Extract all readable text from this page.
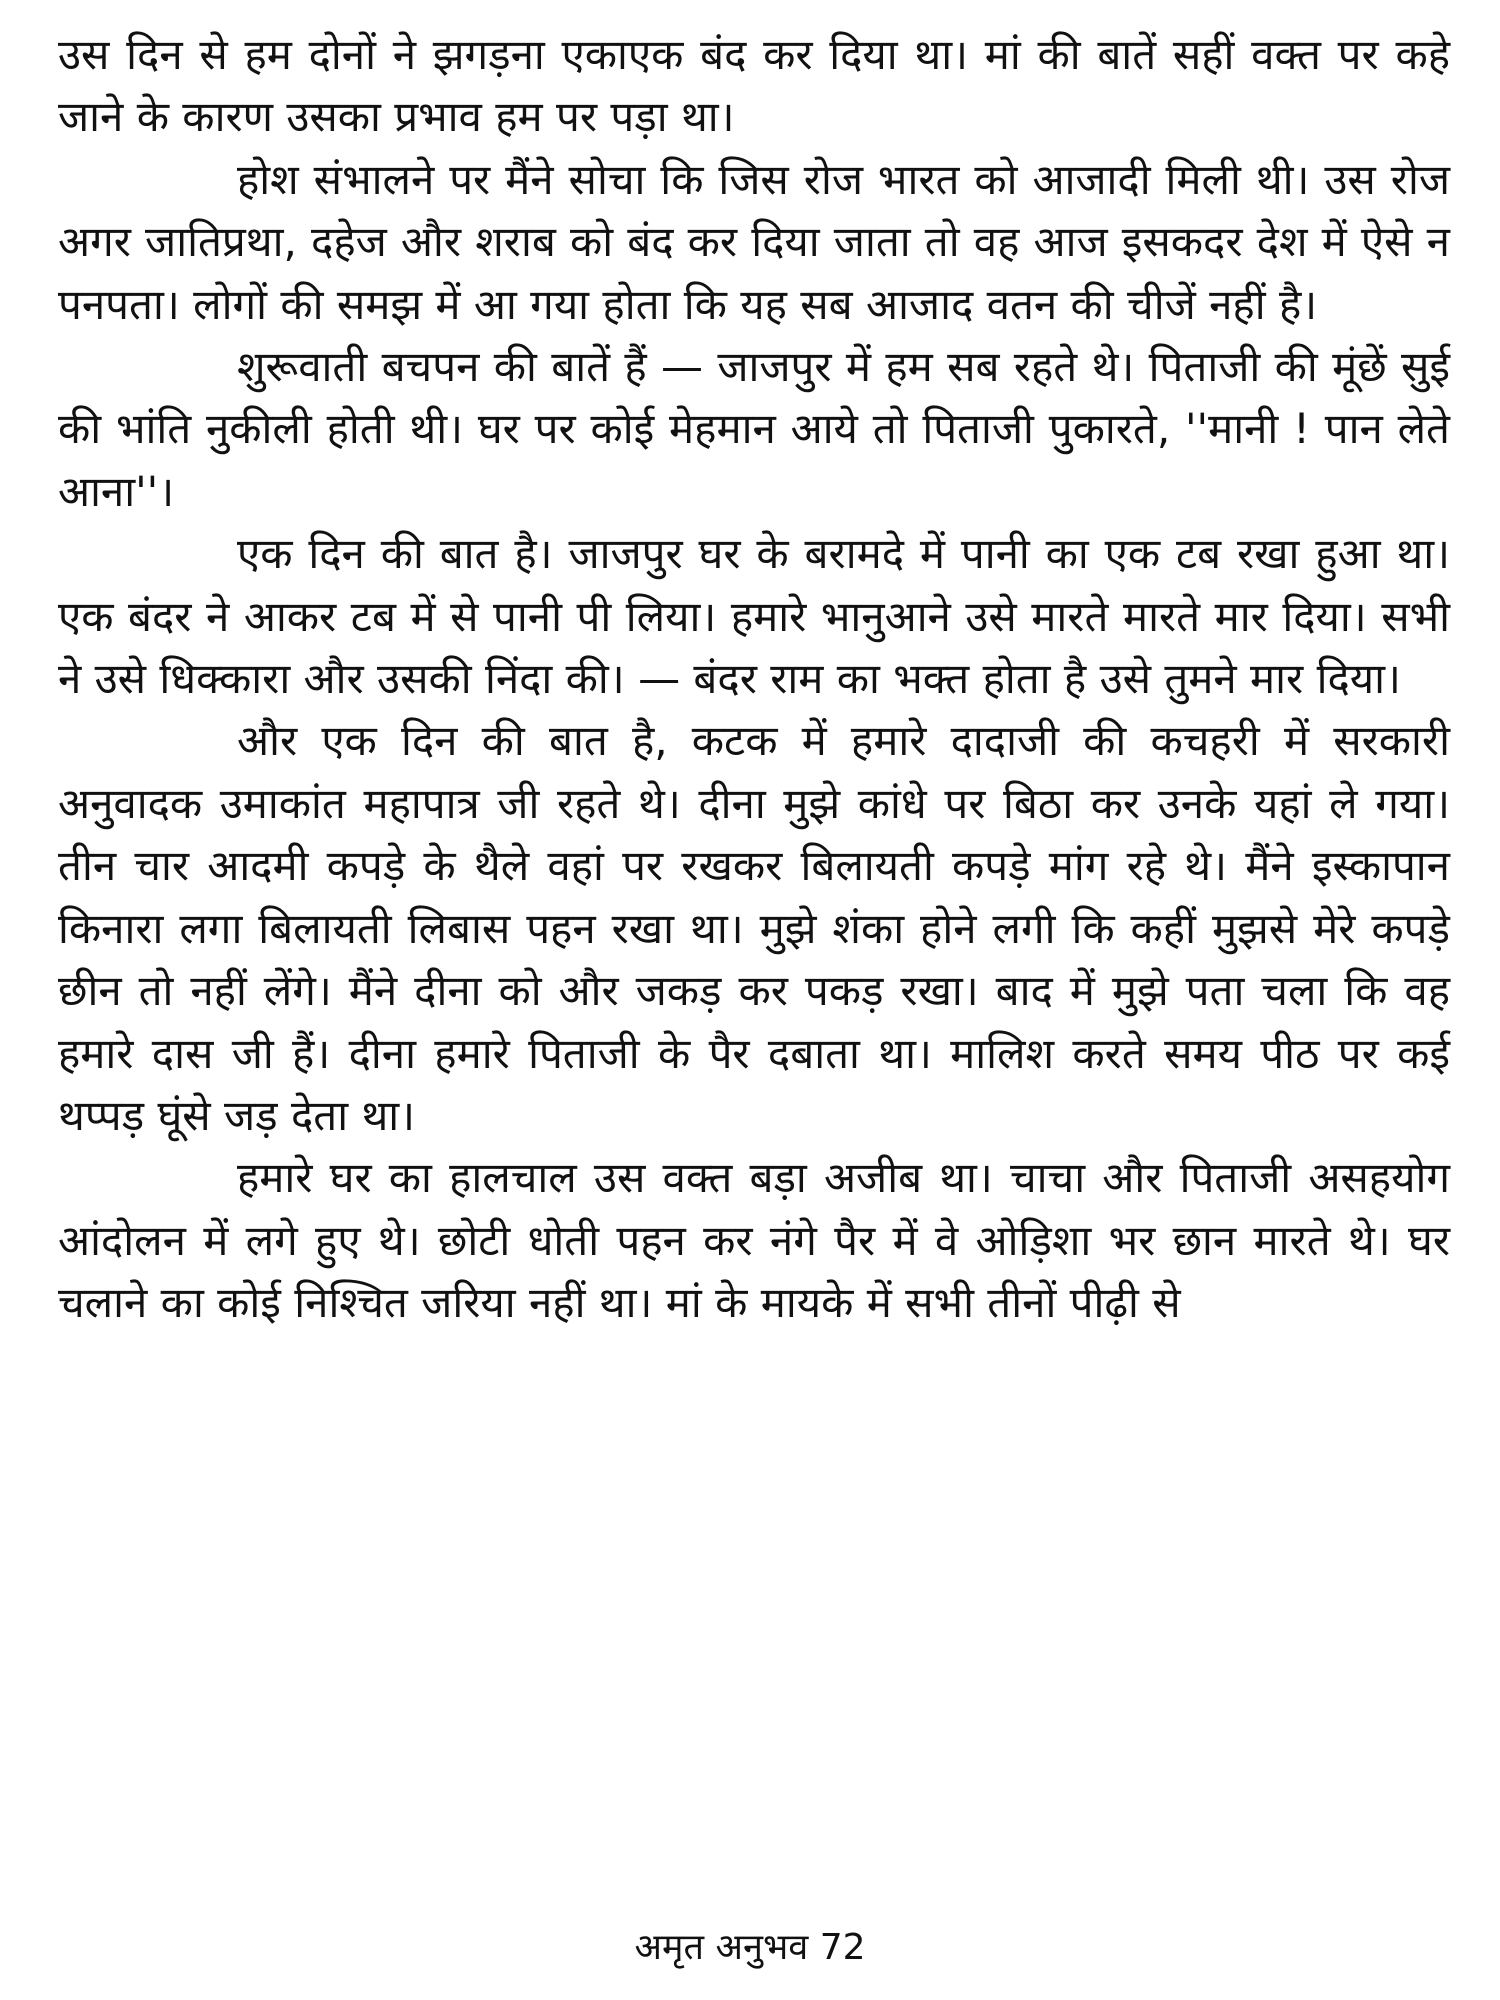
उस दिन से हम दोनों ने झगड़ना एकाएक बंद कर दिया था। मां की बातें सहीं वक्त पर कहे जाने के कारण उसका प्रभाव हम पर पड़ा था।

होश संभालने पर मैंने सोचा कि जिस रोज भारत को आजादी मिली थी। उस रोज अगर जातिप्रथा, दहेज और शराब को बंद कर दिया जाता तो वह आज इसकदर देश में ऐसे न पनपता। लोगों की समझ में आ गया होता कि यह सब आजाद वतन की चीजें नहीं है।

शुरूवाती बचपन की बातें हैं — जाजपुर में हम सब रहते थे। पिताजी की मूंछें सुई की भांति नुकीली होती थी। घर पर कोई मेहमान आये तो पिताजी पुकारते, ''मानी ! पान लेते आना''।

एक दिन की बात है। जाजपुर घर के बरामदे में पानी का एक टब रखा हुआ था। एक बंदर ने आकर टब में से पानी पी लिया। हमारे भानुआने उसे मारते मारते मार दिया। सभी ने उसे धिक्कारा और उसकी निंदा की। — बंदर राम का भक्त होता है उसे तुमने मार दिया।

और एक दिन की बात है, कटक में हमारे दादाजी की कचहरी में सरकारी अनुवादक उमाकांत महापात्र जी रहते थे। दीना मुझे कांधे पर बिठा कर उनके यहां ले गया। तीन चार आदमी कपड़े के थैले वहां पर रखकर बिलायती कपड़े मांग रहे थे। मैंने इस्कापान किनारा लगा बिलायती लिबास पहन रखा था। मुझे शंका होने लगी कि कहीं मुझसे मेरे कपड़े छीन तो नहीं लेंगे। मैंने दीना को और जकड़ कर पकड़ रखा। बाद में मुझे पता चला कि वह हमारे दास जी हैं। दीना हमारे पिताजी के पैर दबाता था। मालिश करते समय पीठ पर कई थप्पड़ घूंसे जड़ देता था।

हमारे घर का हालचाल उस वक्त बड़ा अजीब था। चाचा और पिताजी असहयोग आंदोलन में लगे हुए थे। छोटी धोती पहन कर नंगे पैर में वे ओड़िशा भर छान मारते थे। घर चलाने का कोई निश्चित जरिया नहीं था। मां के मायके में सभी तीनों पीढ़ी से

अमृत अनुभव 72
